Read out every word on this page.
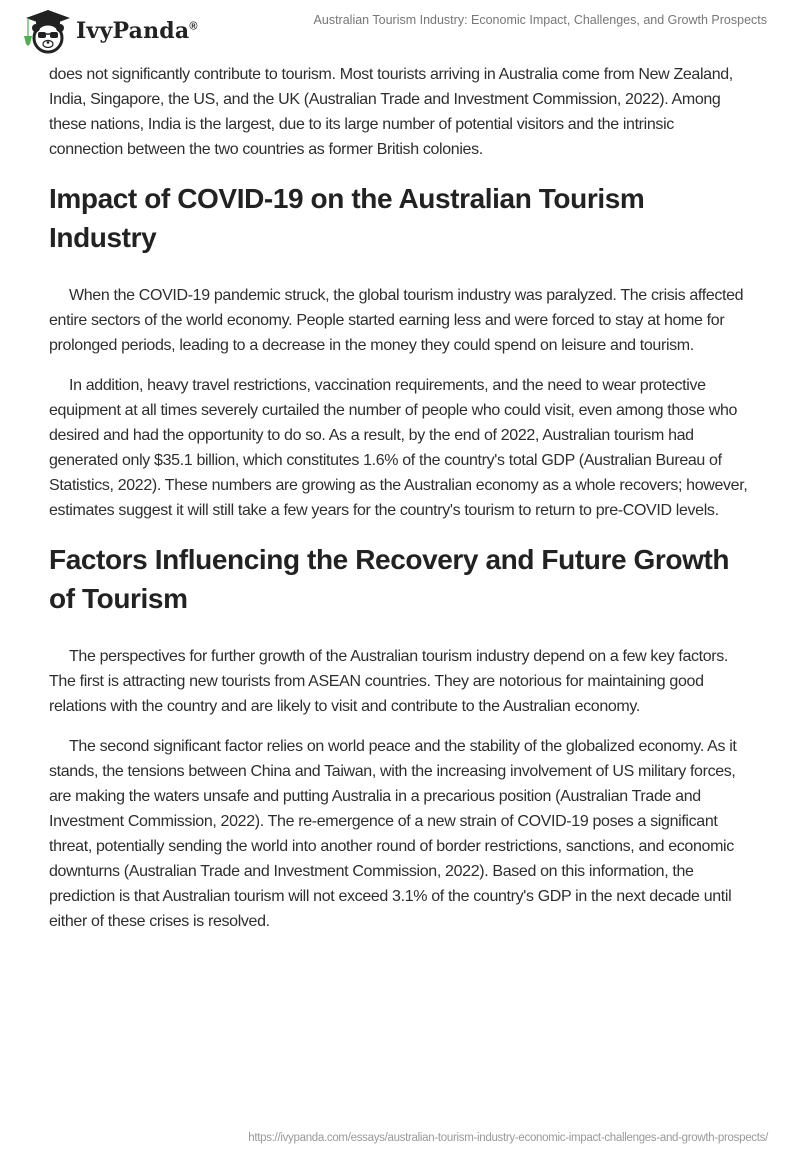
IvyPanda®	Australian Tourism Industry: Economic Impact, Challenges, and Growth Prospects

does not significantly contribute to tourism. Most tourists arriving in Australia come from New Zealand, India, Singapore, the US, and the UK (Australian Trade and Investment Commission, 2022). Among these nations, India is the largest, due to its large number of potential visitors and the intrinsic connection between the two countries as former British colonies.

Impact of COVID-19 on the Australian Tourism Industry

When the COVID-19 pandemic struck, the global tourism industry was paralyzed. The crisis affected entire sectors of the world economy. People started earning less and were forced to stay at home for prolonged periods, leading to a decrease in the money they could spend on leisure and tourism.

In addition, heavy travel restrictions, vaccination requirements, and the need to wear protective equipment at all times severely curtailed the number of people who could visit, even among those who desired and had the opportunity to do so. As a result, by the end of 2022, Australian tourism had generated only $35.1 billion, which constitutes 1.6% of the country's total GDP (Australian Bureau of Statistics, 2022). These numbers are growing as the Australian economy as a whole recovers; however, estimates suggest it will still take a few years for the country's tourism to return to pre-COVID levels.

Factors Influencing the Recovery and Future Growth of Tourism

The perspectives for further growth of the Australian tourism industry depend on a few key factors. The first is attracting new tourists from ASEAN countries. They are notorious for maintaining good relations with the country and are likely to visit and contribute to the Australian economy.

The second significant factor relies on world peace and the stability of the globalized economy. As it stands, the tensions between China and Taiwan, with the increasing involvement of US military forces, are making the waters unsafe and putting Australia in a precarious position (Australian Trade and Investment Commission, 2022). The re-emergence of a new strain of COVID-19 poses a significant threat, potentially sending the world into another round of border restrictions, sanctions, and economic downturns (Australian Trade and Investment Commission, 2022). Based on this information, the prediction is that Australian tourism will not exceed 3.1% of the country's GDP in the next decade until either of these crises is resolved.

https://ivypanda.com/essays/australian-tourism-industry-economic-impact-challenges-and-growth-prospects/
